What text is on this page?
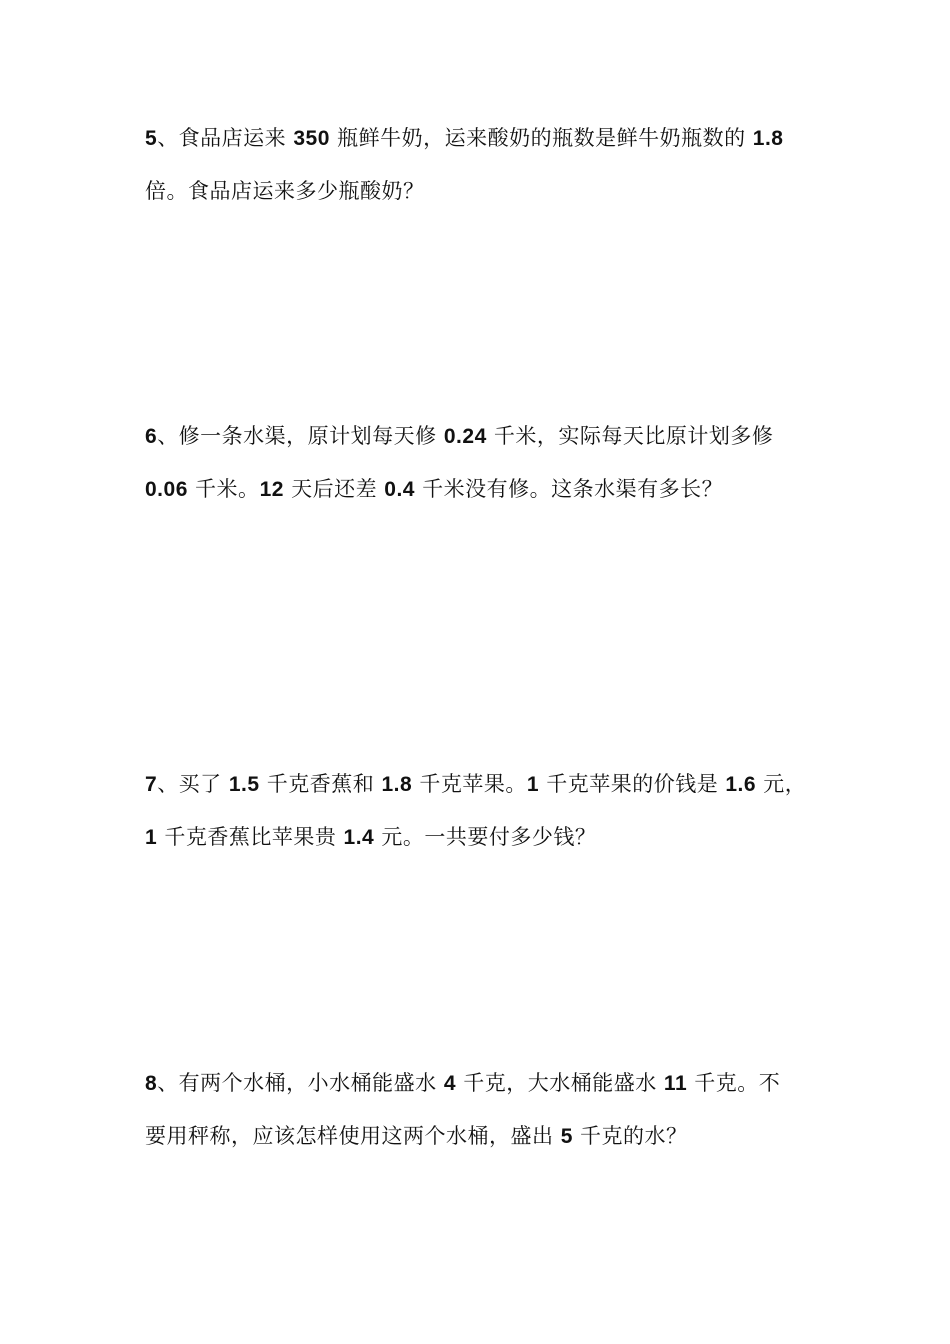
5、食品店运来 350 瓶鲜牛奶，运来酸奶的瓶数是鲜牛奶瓶数的 1.8
倍。食品店运来多少瓶酸奶？
6、修一条水渠，原计划每天修 0.24 千米，实际每天比原计划多修
0.06 千米。12 天后还差 0.4 千米没有修。这条水渠有多长？
7、买了 1.5 千克香蕉和 1.8 千克苹果。1 千克苹果的价钱是 1.6 元，
1 千克香蕉比苹果贵 1.4 元。一共要付多少钱？
8、有两个水桶，小水桶能盛水 4 千克，大水桶能盛水 11 千克。不
要用秤称，应该怎样使用这两个水桶，盛出 5 千克的水？
